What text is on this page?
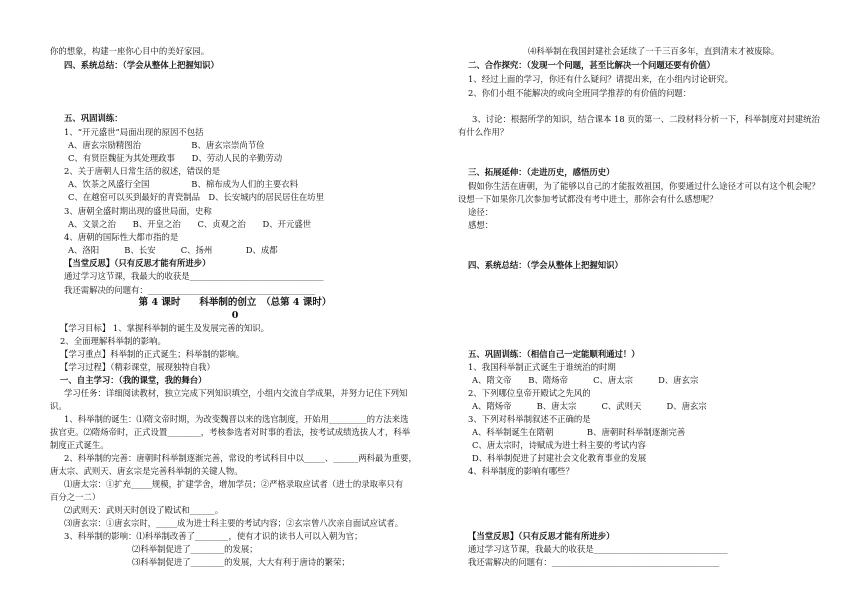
你的想象，构建一座你心目中的美好家园。
四、系统总结：（学会从整体上把握知识）
五、巩固训练：
1、“开元盛世”局面出现的原因不包括
A、唐玄宗励精图治　　　　　　B、唐玄宗崇尚节俭
C、有贤臣魏征为其处理政事　　D、劳动人民的辛勤劳动
2、关于唐朝人日常生活的叙述，错误的是
A、饮茶之风盛行全国　　　　　B、棉布成为人们的主要衣料
C、在越窑可以买到最好的青瓷制品　D、长安城内的居民居住在坊里
3、唐朝全盛时期出现的盛世局面，史称
A、文景之治　　B、开皇之治　　C、贞观之治　　D、开元盛世
4、唐朝的国际性大都市指的是
A、洛阳　　　B、长安　　　C、扬州　　　　D、成都
【当堂反思】（只有反思才能有所进步）
通过学习这节课，我最大的收获是________________________________
我还需解决的问题有：________________________________________
第 4 课时　　科举制的创立　（总第 4 课时）
0
【学习目标】 1、掌握科举制的诞生及发展完善的知识。
2、全面理解科举制的影响。
【学习重点】科举制的正式诞生；科举制的影响。
【学习过程】（精彩课堂，展现独特自我）
一、自主学习：（我的课堂，我的舞台）
学习任务：详细阅读教材，独立完成下列知识填空，小组内交流自学成果，并努力记住下列知
识。
1、科举制的诞生：⑴隋文帝时期，为改变魏晋以来的选官制度，开始用_________的方法来选
拔官吏。⑵隋炀帝时，正式设置________，考核参选者对时事的看法，按考试成绩选拔人才，科举
制度正式诞生。
2、科举制的完善：唐朝时科举制逐渐完善，常设的考试科目中以_____、______两科最为重要，
唐太宗、武则天、唐玄宗是完善科举制的关键人物。
⑴唐太宗：①扩充_____规模，扩建学舍，增加学员；②严格录取应试者（进士的录取率只有
百分之一二）
⑵武则天：武则天时创设了殿试和______。
⑶唐玄宗：①唐玄宗时，_____成为进士科主要的考试内容；②玄宗曾八次亲自面试应试者。
3、科举制的影响：⑴科举制改善了________，使有才识的读书人可以入朝为官；
⑵科举制促进了________的发展；
⑶科举制促进了________的发展，大大有利于唐诗的繁荣；
⑷科举制在我国封建社会延续了一千三百多年，直到清末才被废除。
二、合作探究：（发现一个问题，甚至比解决一个问题还要有价值）
1、经过上面的学习，你还有什么疑问？请提出来，在小组内讨论研究。
2、你们小组不能解决的或向全班同学推荐的有价值的问题：
3、讨论：根据所学的知识，结合课本 18 页的第一、二段材料分析一下，科举制度对封建统治
有什么作用？
三、拓展延伸：（走进历史，感悟历史）
假如你生活在唐朝，为了能够以自己的才能报效祖国，你要通过什么途径才可以有这个机会呢？
设想一下如果你几次参加考试都没有考中进士，那你会有什么感想呢？
途径：
感想：
四、系统总结：（学会从整体上把握知识）
五、巩固训练：（相信自己一定能顺利通过！）
1、我国科举制正式诞生于谁统治的时期
A、隋文帝　　B、隋炀帝　　　C、唐太宗　　　D、唐玄宗
2、下列哪位皇帝开殿试之先风的
A、隋炀帝　　　B、唐太宗　　　C、武则天　　　D、唐玄宗
3、下列对科举制叙述不正确的是
A、科举制诞生在隋朝　　　　B、唐朝时科举制逐渐完善
C、唐太宗时，诗赋成为进士科主要的考试内容
D、科举制促进了封建社会文化教育事业的发展
4、科举制度的影响有哪些？
【当堂反思】（只有反思才能有所进步）
通过学习这节课，我最大的收获是________________________________
我还需解决的问题有：________________________________________
